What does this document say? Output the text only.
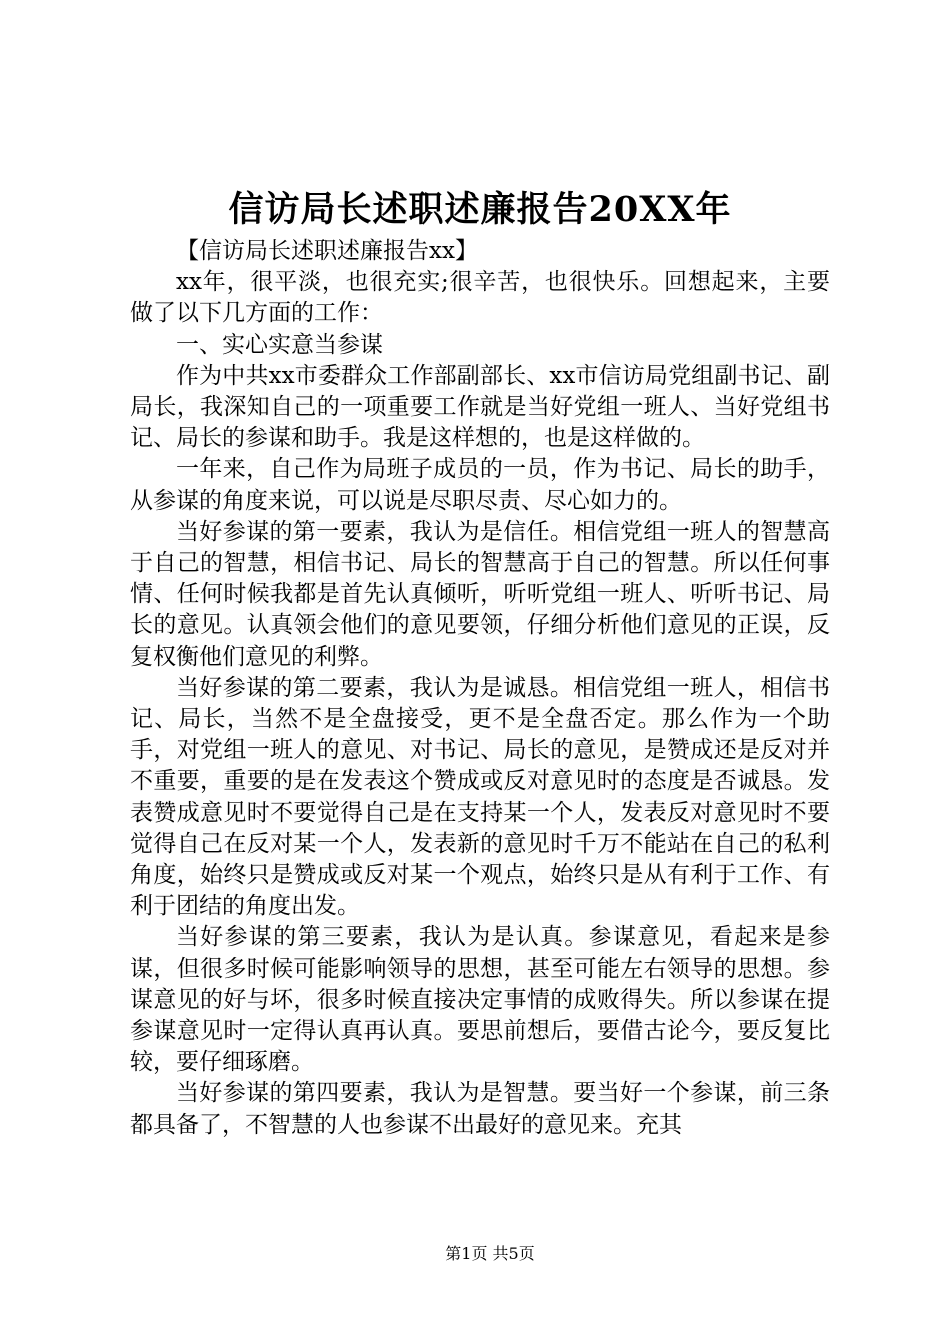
信访局长述职述廉报告20XX年

【信访局长述职述廉报告xx】

xx年，很平淡，也很充实;很辛苦，也很快乐。回想起来，主要做了以下几方面的工作：

一、实心实意当参谋

作为中共xx市委群众工作部副部长、xx市信访局党组副书记、副局长，我深知自己的一项重要工作就是当好党组一班人、当好党组书记、局长的参谋和助手。我是这样想的，也是这样做的。

一年来，自己作为局班子成员的一员，作为书记、局长的助手，从参谋的角度来说，可以说是尽职尽责、尽心如力的。

当好参谋的第一要素，我认为是信任。相信党组一班人的智慧高于自己的智慧，相信书记、局长的智慧高于自己的智慧。所以任何事情、任何时候我都是首先认真倾听，听听党组一班人、听听书记、局长的意见。认真领会他们的意见要领，仔细分析他们意见的正误，反复权衡他们意见的利弊。

当好参谋的第二要素，我认为是诚恳。相信党组一班人，相信书记、局长，当然不是全盘接受，更不是全盘否定。那么作为一个助手，对党组一班人的意见、对书记、局长的意见，是赞成还是反对并不重要，重要的是在发表这个赞成或反对意见时的态度是否诚恳。发表赞成意见时不要觉得自己是在支持某一个人，发表反对意见时不要觉得自己在反对某一个人，发表新的意见时千万不能站在自己的私利角度，始终只是赞成或反对某一个观点，始终只是从有利于工作、有利于团结的角度出发。

当好参谋的第三要素，我认为是认真。参谋意见，看起来是参谋，但很多时候可能影响领导的思想，甚至可能左右领导的思想。参谋意见的好与坏，很多时候直接决定事情的成败得失。所以参谋在提参谋意见时一定得认真再认真。要思前想后，要借古论今，要反复比较，要仔细琢磨。

当好参谋的第四要素，我认为是智慧。要当好一个参谋，前三条都具备了，不智慧的人也参谋不出最好的意见来。充其

第1页 共5页
